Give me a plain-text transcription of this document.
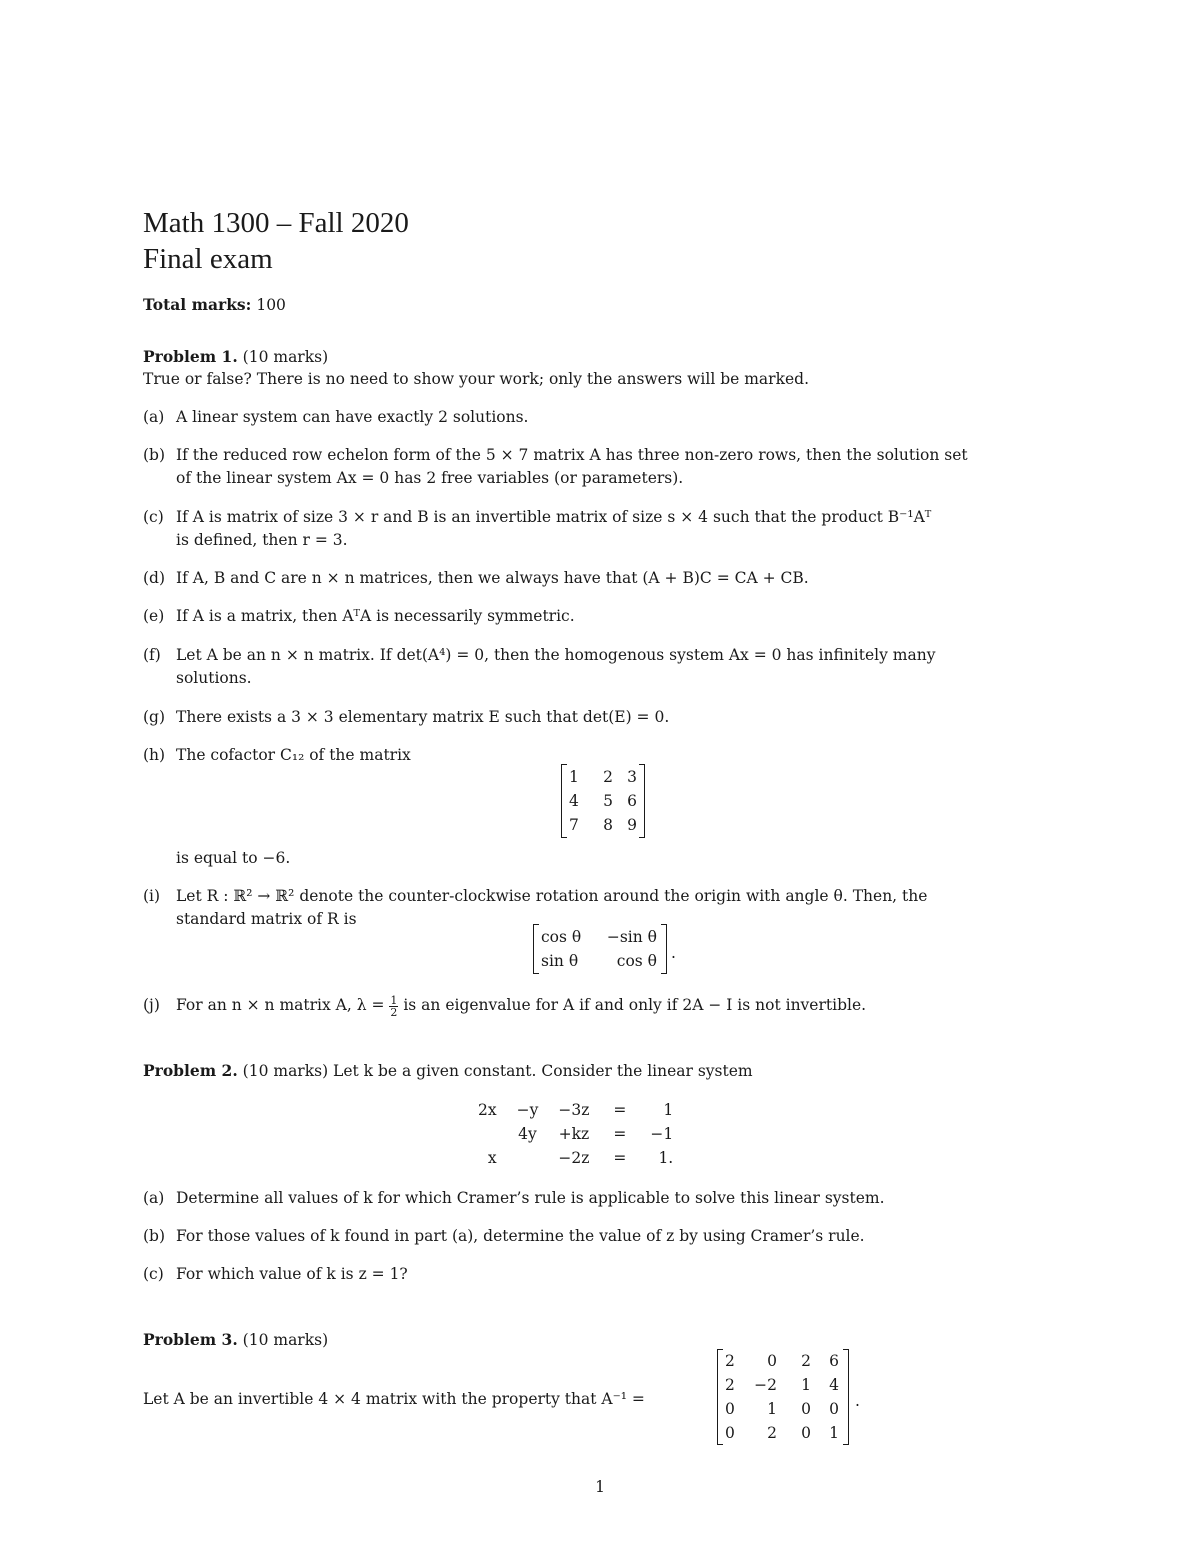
Math 1300 – Fall 2020
Final exam
Total marks: 100
Problem 1. (10 marks)
True or false? There is no need to show your work; only the answers will be marked.
(a) A linear system can have exactly 2 solutions.
(b) If the reduced row echelon form of the 5 × 7 matrix A has three non-zero rows, then the solution set
of the linear system Ax = 0 has 2 free variables (or parameters).
(c) If A is matrix of size 3 × r and B is an invertible matrix of size s × 4 such that the product B⁻¹Aᵀ
is defined, then r = 3.
(d) If A, B and C are n × n matrices, then we always have that (A + B)C = CA + CB.
(e) If A is a matrix, then AᵀA is necessarily symmetric.
(f) Let A be an n × n matrix. If det(A⁴) = 0, then the homogenous system Ax = 0 has infinitely many
solutions.
(g) There exists a 3 × 3 elementary matrix E such that det(E) = 0.
(h) The cofactor C₁₂ of the matrix
1	2	3
4	5	6
7	8	9
is equal to −6.
(i)	Let R : ℝ² → ℝ² denote the counter-clockwise rotation around the origin with angle θ. Then, the
standard matrix of R is
cos θ	−sin θ
sin θ	cos θ .
(j)	For an n × n matrix A, $\lambda = \frac{1}{2}$ is an eigenvalue for A if and only if 2A − I is not invertible.
Problem 2. (10 marks) Let k be a given constant. Consider the linear system
2x	−y	−3z	=	1
	4y	+kz	=	−1
x		−2z	=	1.
(a) Determine all values of k for which Cramer’s rule is applicable to solve this linear system.
(b) For those values of k found in part (a), determine the value of z by using Cramer’s rule.
(c) For which value of k is z = 1?
Problem 3. (10 marks)
Let A be an invertible 4 × 4 matrix with the property that A⁻¹ =
2	0	2	6
2	−2	1	4
0	1	0	0
0	2	0	1
.
1
